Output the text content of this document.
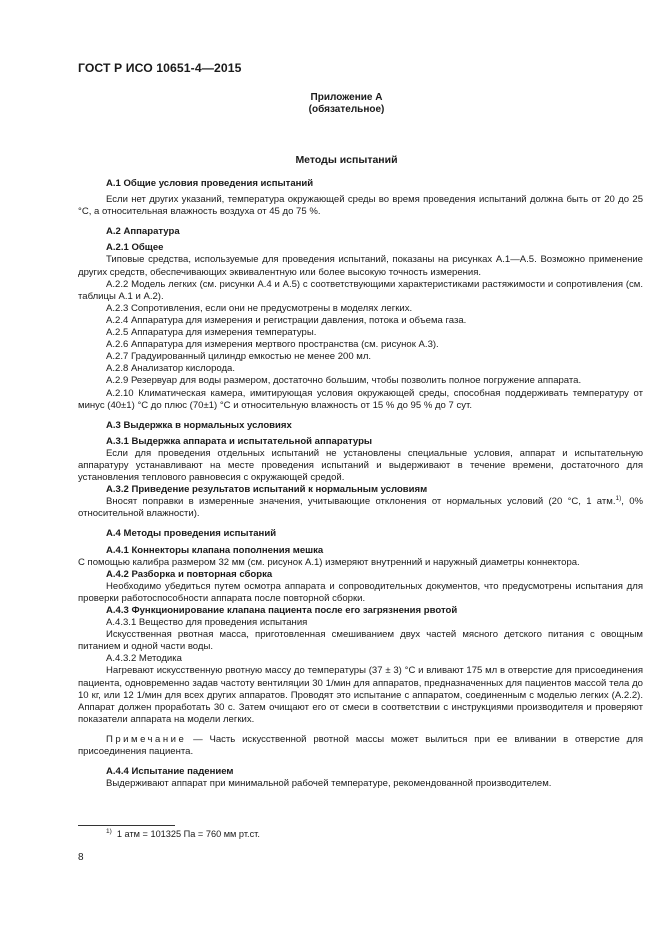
ГОСТ Р ИСО 10651-4—2015
Приложение А
(обязательное)
Методы испытаний

А.1 Общие условия проведения испытаний

Если нет других указаний, температура окружающей среды во время проведения испытаний должна быть от 20 до 25 °С, а относительная влажность воздуха от 45 до 75 %.

А.2 Аппаратура

А.2.1 Общее

Типовые средства, используемые для проведения испытаний, показаны на рисунках А.1—А.5. Возможно применение других средств, обеспечивающих эквивалентную или более высокую точность измерения.

А.2.2 Модель легких (см. рисунки А.4 и А.5) с соответствующими характеристиками растяжимости и сопротивления (см. таблицы А.1 и А.2).

А.2.3 Сопротивления, если они не предусмотрены в моделях легких.

А.2.4 Аппаратура для измерения и регистрации давления, потока и объема газа.

А.2.5 Аппаратура для измерения температуры.

А.2.6 Аппаратура для измерения мертвого пространства (см. рисунок А.3).

А.2.7 Градуированный цилиндр емкостью не менее 200 мл.

А.2.8 Анализатор кислорода.

А.2.9 Резервуар для воды размером, достаточно большим, чтобы позволить полное погружение аппарата.

А.2.10 Климатическая камера, имитирующая условия окружающей среды, способная поддерживать температуру от минус (40±1) °С до плюс (70±1) °С и относительную влажность от 15 % до 95 % до 7 сут.

А.3 Выдержка в нормальных условиях

А.3.1 Выдержка аппарата и испытательной аппаратуры

Если для проведения отдельных испытаний не установлены специальные условия, аппарат и испытательную аппаратуру устанавливают на месте проведения испытаний и выдерживают в течение времени, достаточного для установления теплового равновесия с окружающей средой.

А.3.2 Приведение результатов испытаний к нормальным условиям

Вносят поправки в измеренные значения, учитывающие отклонения от нормальных условий (20 °С, 1 атм.$^{1)}$, 0% относительной влажности).

А.4 Методы проведения испытаний

А.4.1 Коннекторы клапана пополнения мешка

С помощью калибра размером 32 мм (см. рисунок А.1) измеряют внутренний и наружный диаметры коннектора.

А.4.2 Разборка и повторная сборка

Необходимо убедиться путем осмотра аппарата и сопроводительных документов, что предусмотрены испытания для проверки работоспособности аппарата после повторной сборки.

А.4.3 Функционирование клапана пациента после его загрязнения рвотой

А.4.3.1 Вещество для проведения испытания

Искусственная рвотная масса, приготовленная смешиванием двух частей мясного детского питания с овощным питанием и одной части воды.

А.4.3.2 Методика

Нагревают искусственную рвотную массу до температуры (37 ± 3) °С и вливают 175 мл в отверстие для присоединения пациента, одновременно задав частоту вентиляции 30 1/мин для аппаратов, предназначенных для пациентов массой тела до 10 кг, или 12 1/мин для всех других аппаратов. Проводят это испытание с аппаратом, соединенным с моделью легких (А.2.2). Аппарат должен проработать 30 с. Затем очищают его от смеси в соответствии с инструкциями производителя и проверяют показатели аппарата на модели легких.

Примечание — Часть искусственной рвотной массы может вылиться при ее вливании в отверстие для присоединения пациента.

А.4.4 Испытание падением

Выдерживают аппарат при минимальной рабочей температуре, рекомендованной производителем.

$^{1)}$ 1 атм = 101325 Па = 760 мм рт.ст.
8
